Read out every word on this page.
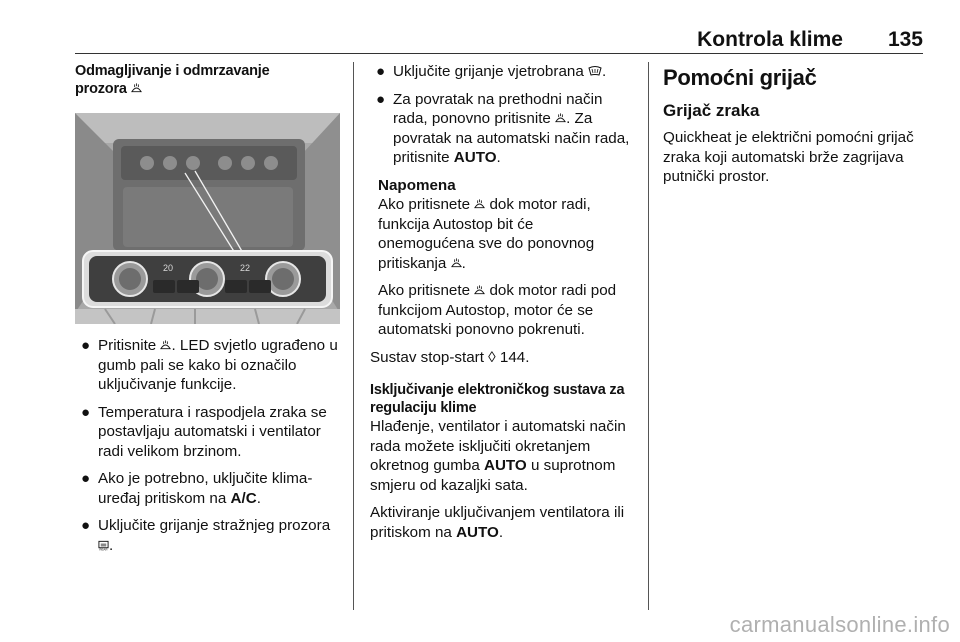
Kontrola klime 135
Odmagljivanje i odmrzavanje
prozora
20	22
● Pritisnite . LED svjetlo ugrađeno u gumb pali se kako bi označilo uključivanje funkcije.
● Temperatura i raspodjela zraka se postavljaju automatski i ventilator radi velikom brzinom.
● Ako je potrebno, uključite klima-uređaj pritiskom na A/C.
● Uključite grijanje stražnjeg prozora
REAR .
● Uključite grijanje vjetrobrana .
● Za povratak na prethodni način rada, ponovno pritisnite . Za povratak na automatski način rada, pritisnite AUTO.
Napomena

Ako pritisnete  dok motor radi, funkcija Autostop bit će onemogućena sve do ponovnog pritiskanja .

Ako pritisnete  dok motor radi pod funkcijom Autostop, motor će se automatski ponovno pokrenuti.

Sustav stop-start ◊ 144.

Isključivanje elektroničkog sustava za regulaciju klime

Hlađenje, ventilator i automatski način rada možete isključiti okretanjem okretnog gumba AUTO u suprotnom smjeru od kazaljki sata.

Aktiviranje uključivanjem ventilatora ili pritiskom na AUTO.

Pomoćni grijač
Grijač zraka

Quickheat je električni pomoćni grijač zraka koji automatski brže zagrijava putnički prostor.

carmanualsonline.info
